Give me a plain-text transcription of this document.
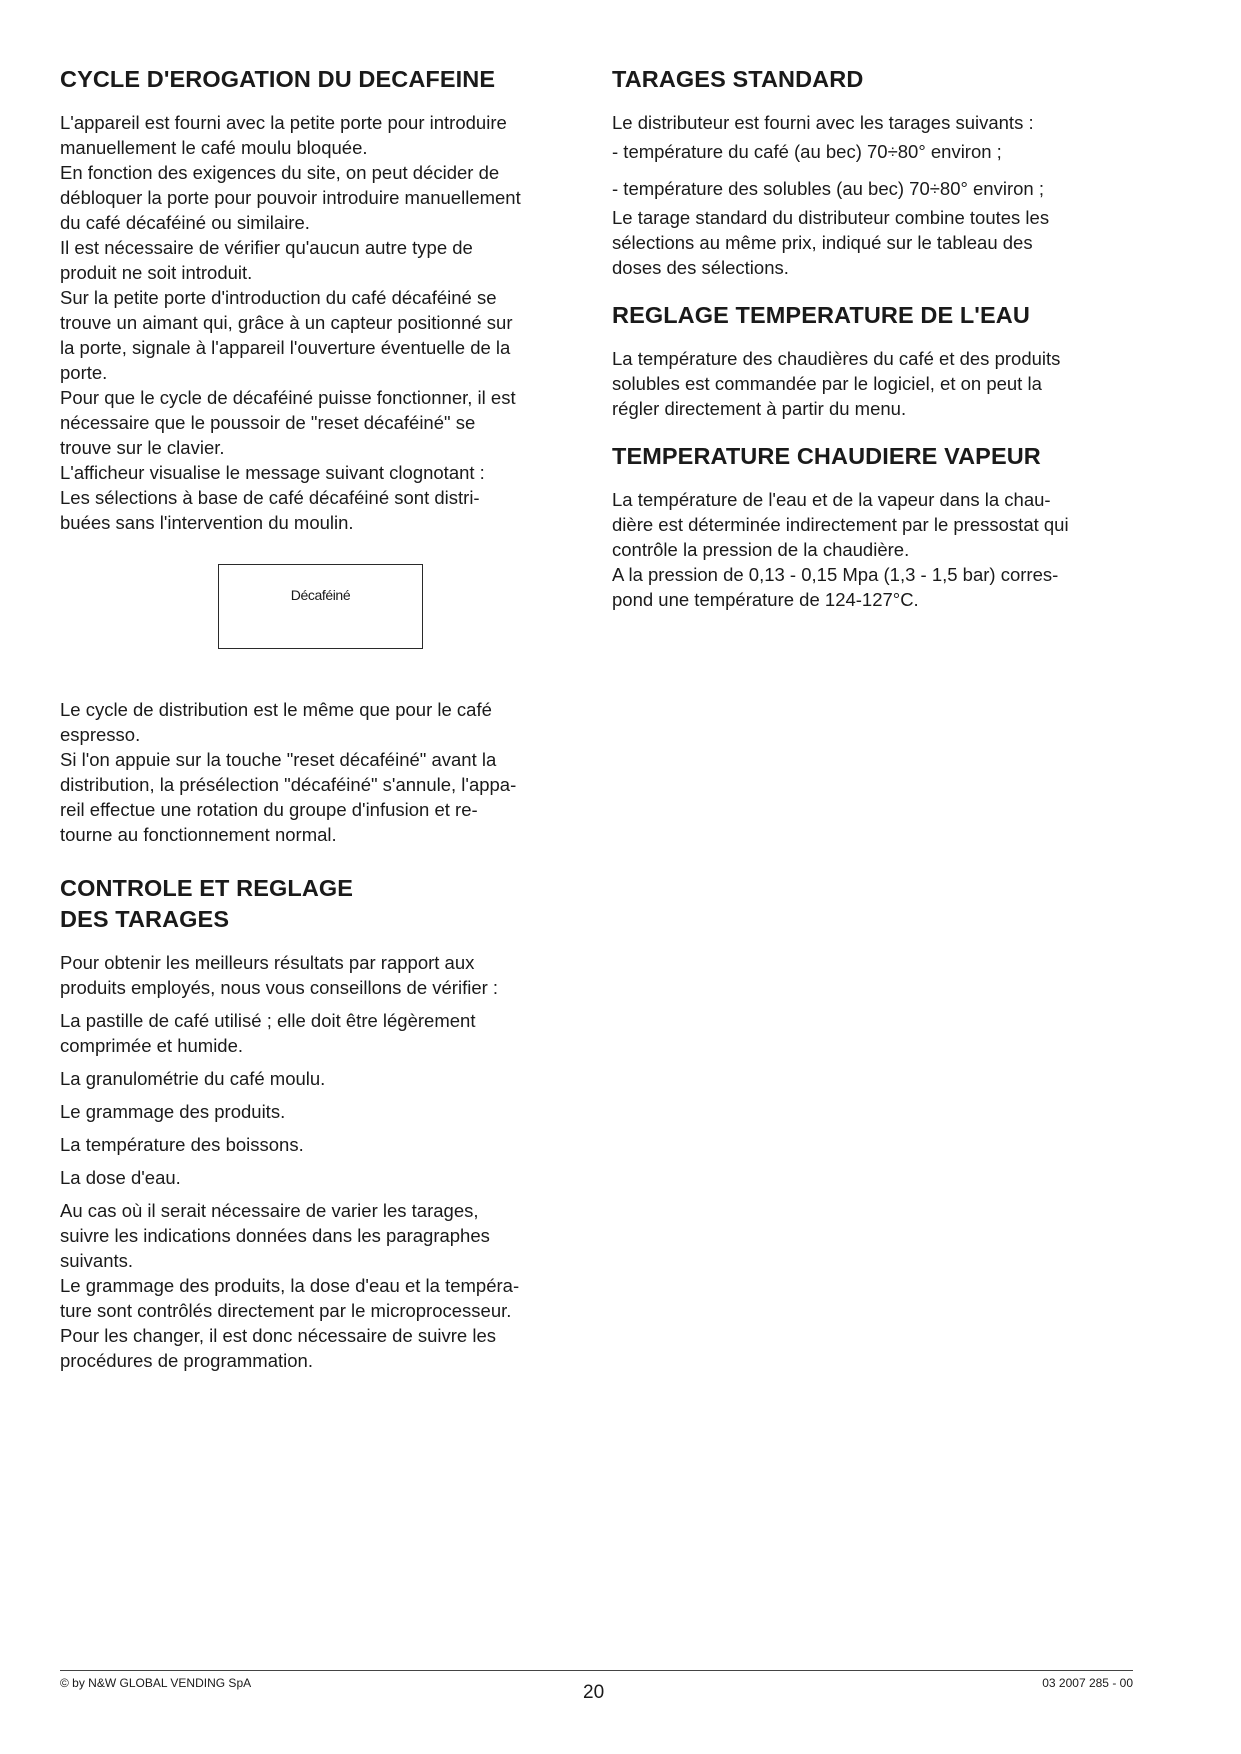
CYCLE D'EROGATION DU DECAFEINE

L'appareil est fourni avec la petite porte pour introduire
manuellement le café moulu bloquée.
En fonction des exigences du site, on peut décider de
débloquer la porte pour pouvoir introduire manuellement
du café décaféiné ou similaire.
Il est nécessaire de vérifier qu'aucun autre type de
produit ne soit introduit.
Sur la petite porte d'introduction du café décaféiné se
trouve un aimant qui, grâce à un capteur positionné sur
la porte, signale à l'appareil l'ouverture éventuelle de la
porte.
Pour que le cycle de décaféiné puisse fonctionner, il est
nécessaire que le poussoir de "reset décaféiné" se
trouve sur le clavier.
L'afficheur visualise le message suivant clognotant :
Les sélections à base de café décaféiné sont distri-
buées sans l'intervention du moulin.

Décaféiné

Le cycle de distribution est le même que pour le café
espresso.
Si l'on appuie sur la touche "reset décaféiné" avant la
distribution, la présélection "décaféiné" s'annule, l'appa-
reil effectue une rotation du groupe d'infusion et re-
tourne au fonctionnement normal.

CONTROLE ET REGLAGE
DES TARAGES

Pour obtenir les meilleurs résultats par rapport aux
produits employés, nous vous conseillons de vérifier :

La pastille de café utilisé ; elle doit être légèrement
comprimée et humide.

La granulométrie du café moulu.

Le grammage des produits.

La température des boissons.

La dose d'eau.

Au cas où il serait nécessaire de varier les tarages,
suivre les indications données dans les paragraphes
suivants.
Le grammage des produits, la dose d'eau et la tempéra-
ture sont contrôlés directement par le microprocesseur.
Pour les changer, il est donc nécessaire de suivre les
procédures de programmation.

TARAGES STANDARD

Le distributeur est fourni avec les tarages suivants :

- température du café (au bec) 70÷80° environ ;

- température des solubles (au bec) 70÷80° environ ;

Le tarage standard du distributeur combine toutes les
sélections au même prix, indiqué sur le tableau des
doses des sélections.

REGLAGE TEMPERATURE DE L'EAU

La température des chaudières du café et des produits
solubles est commandée par le logiciel, et on peut la
régler directement à partir du menu.

TEMPERATURE CHAUDIERE VAPEUR

La température de l'eau et de la vapeur dans la chau-
dière est déterminée indirectement par le pressostat qui
contrôle la pression de la chaudière.
A la pression de 0,13 - 0,15 Mpa (1,3 - 1,5 bar) corres-
pond une température de 124-127°C.

© by N&W GLOBAL VENDING SpA	20	03 2007 285 - 00
